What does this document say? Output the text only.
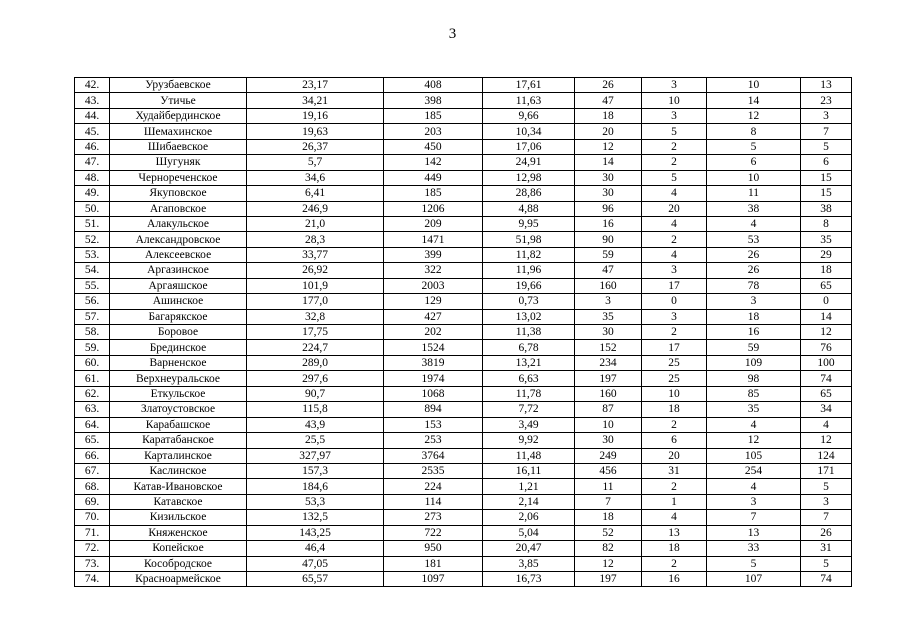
3
42.	Урузбаевское	23,17	408	17,61	26	3	10	13
43.	Утичье	34,21	398	11,63	47	10	14	23
44.	Худайбердинское	19,16	185	9,66	18	3	12	3
45.	Шемахинское	19,63	203	10,34	20	5	8	7
46.	Шибаевское	26,37	450	17,06	12	2	5	5
47.	Шугуняк	5,7	142	24,91	14	2	6	6
48.	Чернореченское	34,6	449	12,98	30	5	10	15
49.	Якуповское	6,41	185	28,86	30	4	11	15
50.	Агаповское	246,9	1206	4,88	96	20	38	38
51.	Алакульское	21,0	209	9,95	16	4	4	8
52.	Александровское	28,3	1471	51,98	90	2	53	35
53.	Алексеевское	33,77	399	11,82	59	4	26	29
54.	Аргазинское	26,92	322	11,96	47	3	26	18
55.	Аргаяшское	101,9	2003	19,66	160	17	78	65
56.	Ашинское	177,0	129	0,73	3	0	3	0
57.	Багарякское	32,8	427	13,02	35	3	18	14
58.	Боровое	17,75	202	11,38	30	2	16	12
59.	Брединское	224,7	1524	6,78	152	17	59	76
60.	Варненское	289,0	3819	13,21	234	25	109	100
61.	Верхнеуральское	297,6	1974	6,63	197	25	98	74
62.	Еткульское	90,7	1068	11,78	160	10	85	65
63.	Златоустовское	115,8	894	7,72	87	18	35	34
64.	Карабашское	43,9	153	3,49	10	2	4	4
65.	Каратабанское	25,5	253	9,92	30	6	12	12
66.	Карталинское	327,97	3764	11,48	249	20	105	124
67.	Каслинское	157,3	2535	16,11	456	31	254	171
68.	Катав-Ивановское	184,6	224	1,21	11	2	4	5
69.	Катавское	53,3	114	2,14	7	1	3	3
70.	Кизильское	132,5	273	2,06	18	4	7	7
71.	Княженское	143,25	722	5,04	52	13	13	26
72.	Копейское	46,4	950	20,47	82	18	33	31
73.	Кособродское	47,05	181	3,85	12	2	5	5
74.	Красноармейское	65,57	1097	16,73	197	16	107	74
